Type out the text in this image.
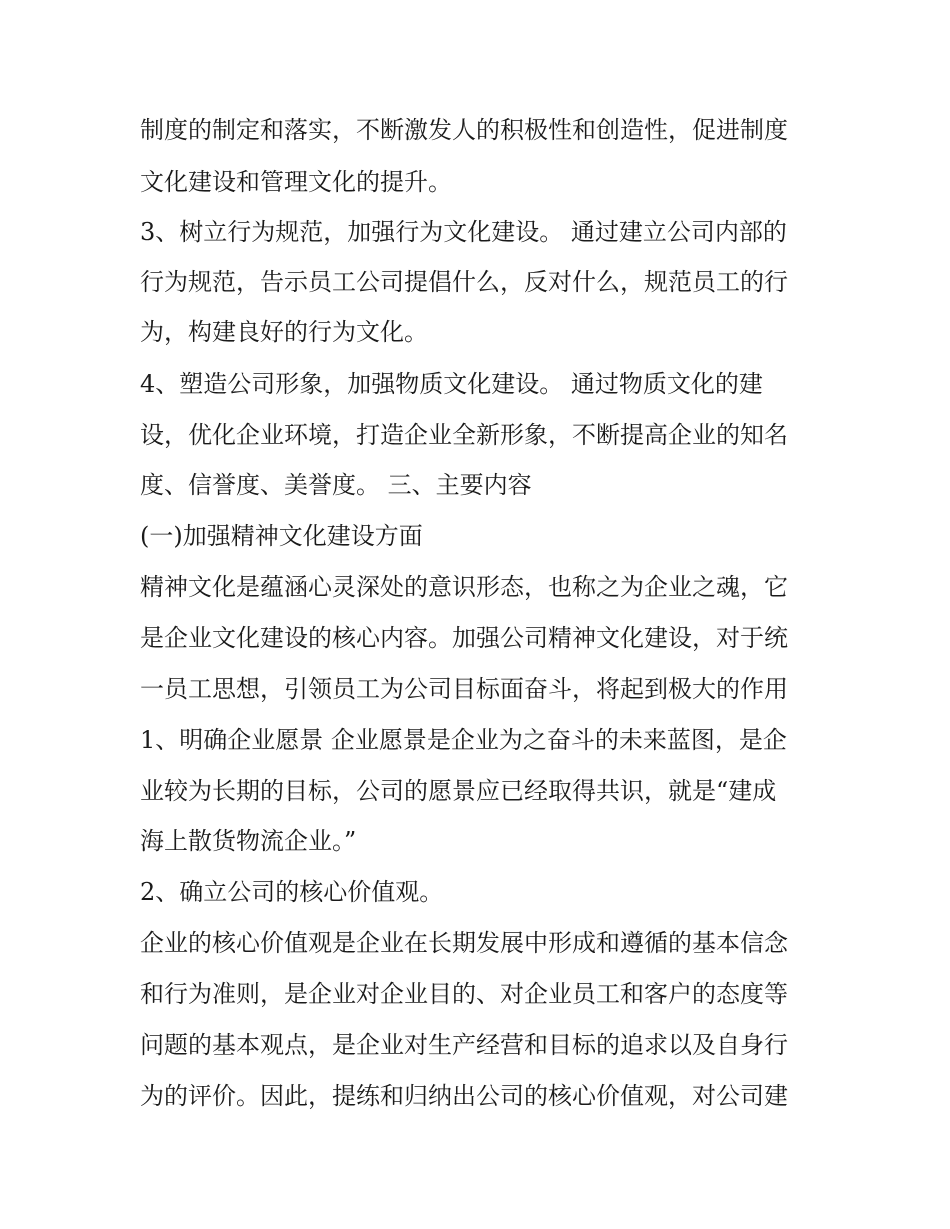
制度的制定和落实，不断激发人的积极性和创造性，促进制度
文化建设和管理文化的提升。
3、树立行为规范，加强行为文化建设。 通过建立公司内部的
行为规范，告示员工公司提倡什么，反对什么，规范员工的行
为，构建良好的行为文化。
4、塑造公司形象，加强物质文化建设。 通过物质文化的建
设，优化企业环境，打造企业全新形象，不断提高企业的知名
度、信誉度、美誉度。 三、主要内容
(一)加强精神文化建设方面
精神文化是蕴涵心灵深处的意识形态，也称之为企业之魂，它
是企业文化建设的核心内容。加强公司精神文化建设，对于统
一员工思想，引领员工为公司目标面奋斗，将起到极大的作用
1、明确企业愿景 企业愿景是企业为之奋斗的未来蓝图，是企
业较为长期的目标，公司的愿景应已经取得共识，就是“建成
海上散货物流企业。”
2、确立公司的核心价值观。
企业的核心价值观是企业在长期发展中形成和遵循的基本信念
和行为准则，是企业对企业目的、对企业员工和客户的态度等
问题的基本观点，是企业对生产经营和目标的追求以及自身行
为的评价。因此，提练和归纳出公司的核心价值观，对公司建
